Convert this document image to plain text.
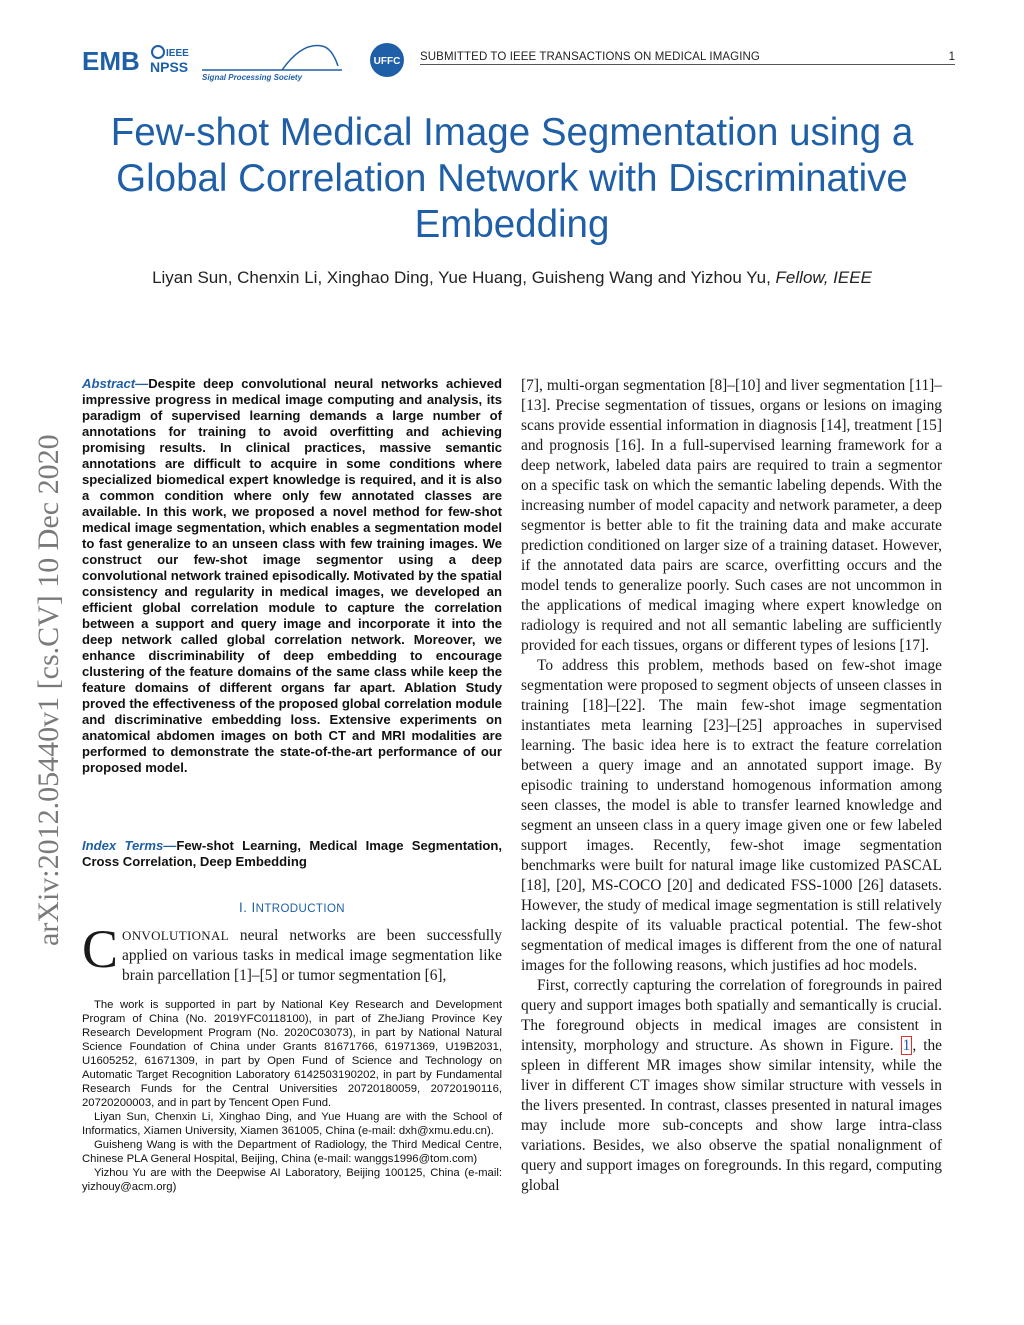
EMB	IEEE
NPSS
Signal Processing Society
UFFC SUBMITTED TO IEEE TRANSACTIONS ON MEDICAL IMAGING	1
Few-shot Medical Image Segmentation using a Global Correlation Network with Discriminative Embedding
Liyan Sun, Chenxin Li, Xinghao Ding, Yue Huang, Guisheng Wang and Yizhou Yu, Fellow, IEEE
arXiv:2012.05440v1 [cs.CV] 10 Dec 2020
Abstract—Despite deep convolutional neural networks achieved impressive progress in medical image computing and analysis, its paradigm of supervised learning demands a large number of annotations for training to avoid overfitting and achieving promising results. In clinical practices, massive semantic annotations are difficult to acquire in some conditions where specialized biomedical expert knowledge is required, and it is also a common condition where only few annotated classes are available. In this work, we proposed a novel method for few-shot medical image segmentation, which enables a segmentation model to fast generalize to an unseen class with few training images. We construct our few-shot image segmentor using a deep convolutional network trained episodically. Motivated by the spatial consistency and regularity in medical images, we developed an efficient global correlation module to capture the correlation between a support and query image and incorporate it into the deep network called global correlation network. Moreover, we enhance discriminability of deep embedding to encourage clustering of the feature domains of the same class while keep the feature domains of different organs far apart. Ablation Study proved the effectiveness of the proposed global correlation module and discriminative embedding loss. Extensive experiments on anatomical abdomen images on both CT and MRI modalities are performed to demonstrate the state-of-the-art performance of our proposed model.
Index Terms—Few-shot Learning, Medical Image Segmentation, Cross Correlation, Deep Embedding
I. INTRODUCTION
CONVOLUTIONAL neural networks are been successfully applied on various tasks in medical image segmentation like brain parcellation [1]–[5] or tumor segmentation [6],

The work is supported in part by National Key Research and Development Program of China (No. 2019YFC0118100), in part of ZheJiang Province Key Research Development Program (No. 2020C03073), in part by National Natural Science Foundation of China under Grants 81671766, 61971369, U19B2031, U1605252, 61671309, in part by Open Fund of Science and Technology on Automatic Target Recognition Laboratory 6142503190202, in part by Fundamental Research Funds for the Central Universities 20720180059, 20720190116, 20720200003, and in part by Tencent Open Fund.

Liyan Sun, Chenxin Li, Xinghao Ding, and Yue Huang are with the School of Informatics, Xiamen University, Xiamen 361005, China (e-mail: dxh@xmu.edu.cn).

Guisheng Wang is with the Department of Radiology, the Third Medical Centre, Chinese PLA General Hospital, Beijing, China (e-mail: wanggs1996@tom.com)

Yizhou Yu are with the Deepwise AI Laboratory, Beijing 100125, China (e-mail: yizhouy@acm.org)

[7], multi-organ segmentation [8]–[10] and liver segmentation [11]–[13]. Precise segmentation of tissues, organs or lesions on imaging scans provide essential information in diagnosis [14], treatment [15] and prognosis [16]. In a full-supervised learning framework for a deep network, labeled data pairs are required to train a segmentor on a specific task on which the semantic labeling depends. With the increasing number of model capacity and network parameter, a deep segmentor is better able to fit the training data and make accurate prediction conditioned on larger size of a training dataset. However, if the annotated data pairs are scarce, overfitting occurs and the model tends to generalize poorly. Such cases are not uncommon in the applications of medical imaging where expert knowledge on radiology is required and not all semantic labeling are sufficiently provided for each tissues, organs or different types of lesions [17].

To address this problem, methods based on few-shot image segmentation were proposed to segment objects of unseen classes in training [18]–[22]. The main few-shot image segmentation instantiates meta learning [23]–[25] approaches in supervised learning. The basic idea here is to extract the feature correlation between a query image and an annotated support image. By episodic training to understand homogenous information among seen classes, the model is able to transfer learned knowledge and segment an unseen class in a query image given one or few labeled support images. Recently, few-shot image segmentation benchmarks were built for natural image like customized PASCAL [18], [20], MS-COCO [20] and dedicated FSS-1000 [26] datasets. However, the study of medical image segmentation is still relatively lacking despite of its valuable practical potential. The few-shot segmentation of medical images is different from the one of natural images for the following reasons, which justifies ad hoc models.

First, correctly capturing the correlation of foregrounds in paired query and support images both spatially and semantically is crucial. The foreground objects in medical images are consistent in intensity, morphology and structure. As shown in Figure. 1 , the spleen in different MR images show similar intensity, while the liver in different CT images show similar structure with vessels in the livers presented. In contrast, classes presented in natural images may include more sub-concepts and show large intra-class variations. Besides, we also observe the spatial nonalignment of query and support images on foregrounds. In this regard, computing global
